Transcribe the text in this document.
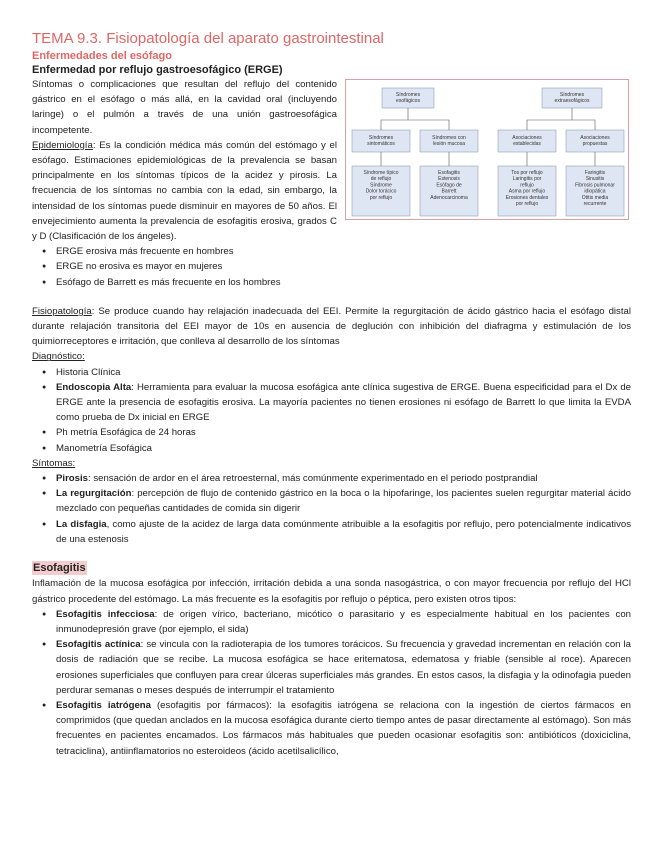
TEMA 9.3. Fisiopatología del aparato gastrointestinal
Enfermedades del esófago
Enfermedad por reflujo gastroesofágico (ERGE)
Síndromes
esofágicos
Síndromes
extraesofágicos
Síndromes
sintomáticos
Síndromes con
lesión mucosa
Asociaciones
establecidas
Asociaciones
propuestas
Síndrome típico
de reflujo
Síndrome
Dolor torácico
por reflujo
Esofagitis
Estenosis
Esófago de
Barrett
Adenocarcinoma
Tos por reflujo
Laringitis por
reflujo
Asma por reflujo
Erosiones dentales
por reflujo
Faringitis
Sinusitis
Fibrosis pulmonar
idiopática
Otitis media
recurrente

Síntomas o complicaciones que resultan del reflujo del contenido gástrico en el esófago o más allá, en la cavidad oral (incluyendo laringe) o el pulmón a través de una unión gastroesofágica incompetente.

Epidemiología: Es la condición médica más común del estómago y el esófago. Estimaciones epidemiológicas de la prevalencia se basan principalmente en los síntomas típicos de la acidez y pirosis. La frecuencia de los síntomas no cambia con la edad, sin embargo, la intensidad de los síntomas puede disminuir en mayores de 50 años. El envejecimiento aumenta la prevalencia de esofagitis erosiva, grados C y D (Clasificación de los ángeles).

● ERGE erosiva más frecuente en hombres
● ERGE no erosiva es mayor en mujeres
● Esófago de Barrett es más frecuente en los hombres

Fisiopatología: Se produce cuando hay relajación inadecuada del EEI. Permite la regurgitación de ácido gástrico hacia el esófago distal durante relajación transitoria del EEI mayor de 10s en ausencia de deglución con inhibición del diafragma y estimulación de los quimiorreceptores e irritación, que conlleva al desarrollo de los síntomas

Diagnóstico:
● Historia Clínica
● Endoscopia Alta: Herramienta para evaluar la mucosa esofágica ante clínica sugestiva de ERGE. Buena especificidad para el Dx de ERGE ante la presencia de esofagitis erosiva. La mayoría pacientes no tienen erosiones ni esófago de Barrett lo que limita la EVDA como prueba de Dx inicial en ERGE
● Ph metría Esofágica de 24 horas
● Manometría Esofágica
Síntomas:
● Pirosis: sensación de ardor en el área retroesternal, más comúnmente experimentado en el periodo postprandial
● La regurgitación: percepción de flujo de contenido gástrico en la boca o la hipofaringe, los pacientes suelen regurgitar material ácido mezclado con pequeñas cantidades de comida sin digerir
● La disfagia, como ajuste de la acidez de larga data comúnmente atribuible a la esofagitis por reflujo, pero potencialmente indicativos de una estenosis
Esofagitis

Inflamación de la mucosa esofágica por infección, irritación debida a una sonda nasogástrica, o con mayor frecuencia por reflujo del HCl gástrico procedente del estómago. La más frecuente es la esofagitis por reflujo o péptica, pero existen otros tipos:

● Esofagitis infecciosa: de origen vírico, bacteriano, micótico o parasitario y es especialmente habitual en los pacientes con inmunodepresión grave (por ejemplo, el sida)
● Esofagitis actínica: se vincula con la radioterapia de los tumores torácicos. Su frecuencia y gravedad incrementan en relación con la dosis de radiación que se recibe. La mucosa esofágica se hace eritematosa, edematosa y friable (sensible al roce). Aparecen erosiones superficiales que confluyen para crear úlceras superficiales más grandes. En estos casos, la disfagia y la odinofagia pueden perdurar semanas o meses después de interrumpir el tratamiento
● Esofagitis iatrógena (esofagitis por fármacos): la esofagitis iatrógena se relaciona con la ingestión de ciertos fármacos en comprimidos (que quedan anclados en la mucosa esofágica durante cierto tiempo antes de pasar directamente al estómago). Son más frecuentes en pacientes encamados. Los fármacos más habituales que pueden ocasionar esofagitis son: antibióticos (doxiciclina, tetraciclina), antiinflamatorios no esteroideos (ácido acetilsalicílico,
